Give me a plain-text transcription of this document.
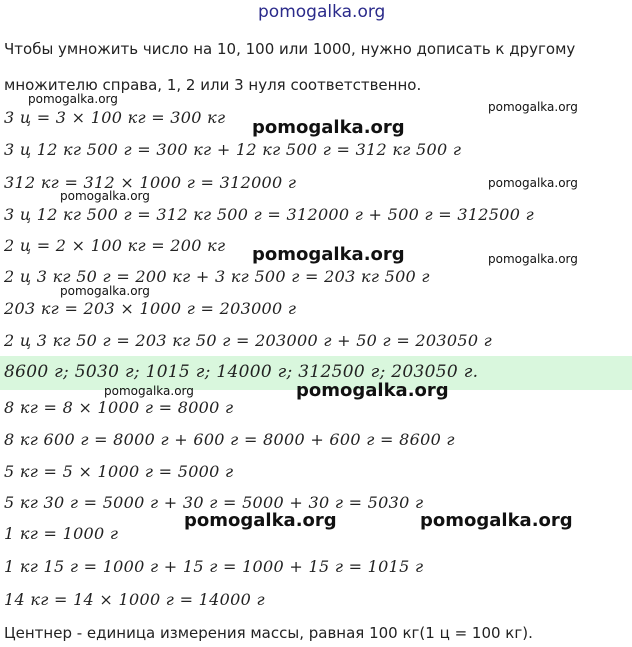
pomogalka.org
Чтобы умножить число на 10, 100 или 1000, нужно дописать к другому
множителю справа, 1, 2 или 3 нуля соответственно.
3 ц = 3 × 100 кг = 300 кг
3 ц 12 кг 500 г = 300 кг + 12 кг 500 г = 312 кг 500 г
312 кг = 312 × 1000 г = 312000 г
3 ц 12 кг 500 г = 312 кг 500 г = 312000 г + 500 г = 312500 г
2 ц = 2 × 100 кг = 200 кг
2 ц 3 кг 50 г = 200 кг + 3 кг 500 г = 203 кг 500 г
203 кг = 203 × 1000 г = 203000 г
2 ц 3 кг 50 г = 203 кг 50 г = 203000 г + 50 г = 203050 г
8600 г; 5030 г; 1015 г; 14000 г; 312500 г; 203050 г.
8 кг = 8 × 1000 г = 8000 г
8 кг 600 г = 8000 г + 600 г = 8000 + 600 г = 8600 г
5 кг = 5 × 1000 г = 5000 г
5 кг 30 г = 5000 г + 30 г = 5000 + 30 г = 5030 г
1 кг = 1000 г
1 кг 15 г = 1000 г + 15 г = 1000 + 15 г = 1015 г
14 кг = 14 × 1000 г = 14000 г
Центнер - единица измерения массы, равная 100 кг(1 ц = 100 кг).
pomogalka.org
pomogalka.org
pomogalka.org
pomogalka.org
pomogalka.org
pomogalka.org	pomogalka.org
pomogalka.org
pomogalka.org	pomogalka.org
pomogalka.org	pomogalka.org
